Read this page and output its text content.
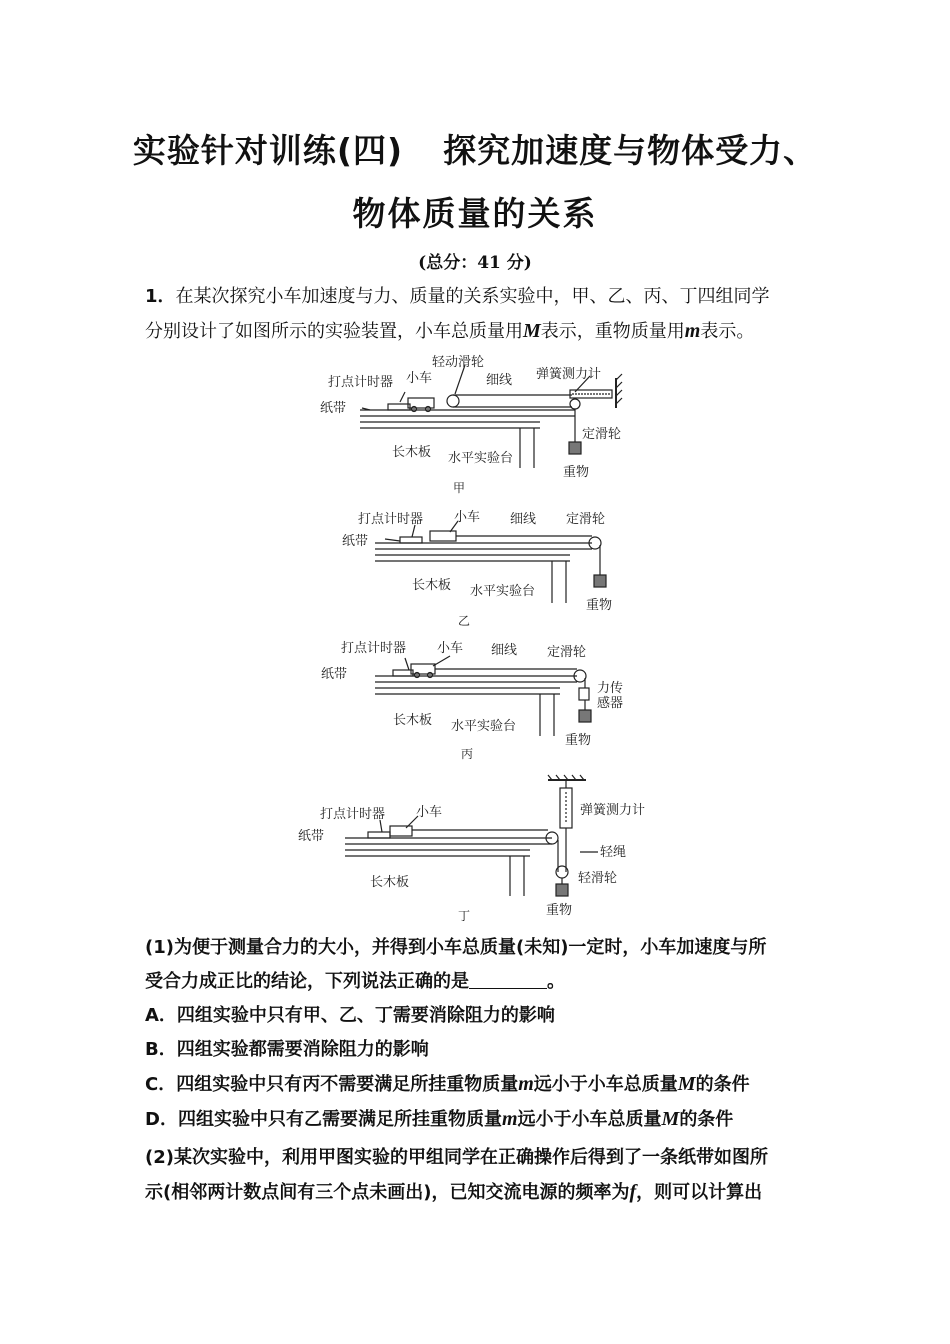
实验针对训练(四) 探究加速度与物体受力、
物体质量的关系
(总分：41 分)
1．在某次探究小车加速度与力、质量的关系实验中，甲、乙、丙、丁四组同学
分别设计了如图所示的实验装置，小车总质量用M表示，重物质量用m表示。
打点计时器 小车
轻动滑轮
细线 弹簧测力计
纸带
定滑轮
长木板 水平实验台
重物
甲
打点计时器 小车 细线 定滑轮
纸带
长木板 水平实验台
重物
乙
打点计时器 小车 细线 定滑轮
纸带
力传
感器
长木板 水平实验台
重物
丙
打点计时器 小车	弹簧测力计
纸带
轻绳
长木板	轻滑轮
重物
丁
(1)为便于测量合力的大小，并得到小车总质量(未知)一定时，小车加速度与所
受合力成正比的结论，下列说法正确的是	。
A．四组实验中只有甲、乙、丁需要消除阻力的影响
B．四组实验都需要消除阻力的影响
C．四组实验中只有丙不需要满足所挂重物质量m远小于小车总质量M的条件
D．四组实验中只有乙需要满足所挂重物质量m远小于小车总质量M的条件
(2)某次实验中，利用甲图实验的甲组同学在正确操作后得到了一条纸带如图所
示(相邻两计数点间有三个点未画出)，已知交流电源的频率为f，则可以计算出
